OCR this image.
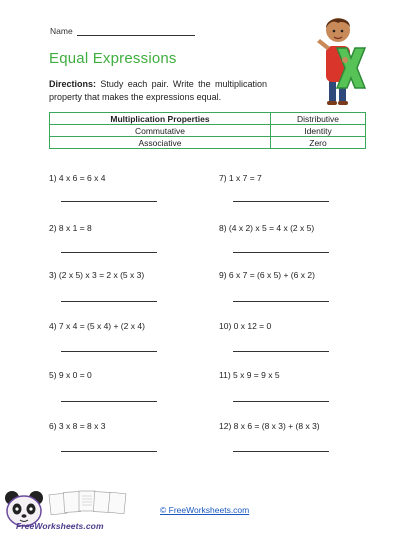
Name
Equal Expressions
Directions: Study each pair. Write the multiplication property that makes the expressions equal.
Multiplication Properties	Distributive
Commutative	Identity
Associative	Zero
1) 4 x 6 = 6 x 4	7) 1 x 7 = 7
2) 8 x 1 = 8	8) (4 x 2) x 5 = 4 x (2 x 5)
3) (2 x 5) x 3 = 2 x (5 x 3)	9) 6 x 7 = (6 x 5) + (6 x 2)
4) 7 x 4 = (5 x 4) + (2 x 4)	10) 0 x 12 = 0
5) 9 x 0 = 0	11) 5 x 9 = 9 x 5
6) 3 x 8 = 8 x 3	12) 8 x 6 = (8 x 3) + (8 x 3)
FreeWorksheets.com
© FreeWorksheets.com
